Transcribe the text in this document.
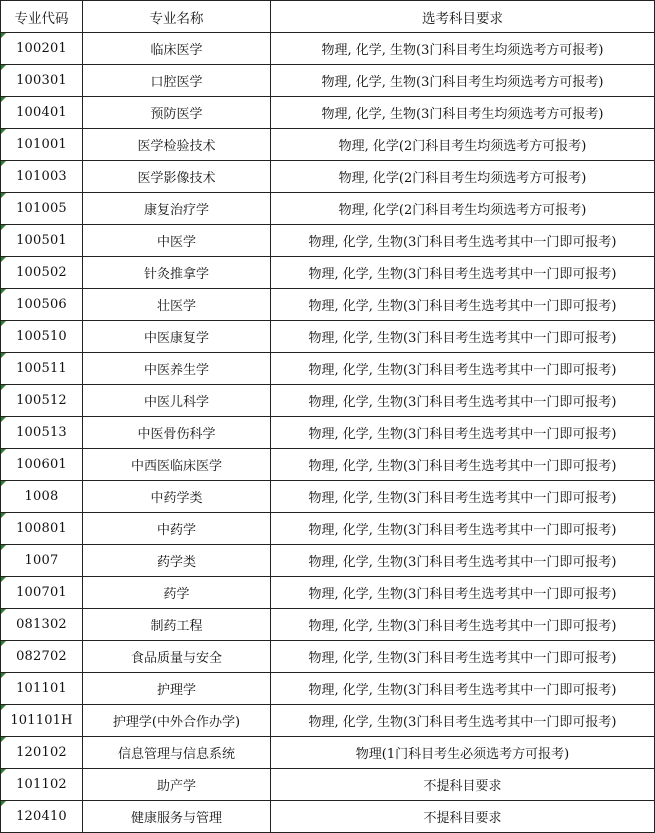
专业代码	专业名称	选考科目要求
100201	临床医学	物理, 化学, 生物(3门科目考生均须选考方可报考)
100301	口腔医学	物理, 化学, 生物(3门科目考生均须选考方可报考)
100401	预防医学	物理, 化学, 生物(3门科目考生均须选考方可报考)
101001	医学检验技术	物理, 化学(2门科目考生均须选考方可报考)
101003	医学影像技术	物理, 化学(2门科目考生均须选考方可报考)
101005	康复治疗学	物理, 化学(2门科目考生均须选考方可报考)
100501	中医学	物理, 化学, 生物(3门科目考生选考其中一门即可报考)
100502	针灸推拿学	物理, 化学, 生物(3门科目考生选考其中一门即可报考)
100506	壮医学	物理, 化学, 生物(3门科目考生选考其中一门即可报考)
100510	中医康复学	物理, 化学, 生物(3门科目考生选考其中一门即可报考)
100511	中医养生学	物理, 化学, 生物(3门科目考生选考其中一门即可报考)
100512	中医儿科学	物理, 化学, 生物(3门科目考生选考其中一门即可报考)
100513	中医骨伤科学	物理, 化学, 生物(3门科目考生选考其中一门即可报考)
100601	中西医临床医学	物理, 化学, 生物(3门科目考生选考其中一门即可报考)
1008	中药学类	物理, 化学, 生物(3门科目考生选考其中一门即可报考)
100801	中药学	物理, 化学, 生物(3门科目考生选考其中一门即可报考)
1007	药学类	物理, 化学, 生物(3门科目考生选考其中一门即可报考)
100701	药学	物理, 化学, 生物(3门科目考生选考其中一门即可报考)
081302	制药工程	物理, 化学, 生物(3门科目考生选考其中一门即可报考)
082702	食品质量与安全	物理, 化学, 生物(3门科目考生选考其中一门即可报考)
101101	护理学	物理, 化学, 生物(3门科目考生选考其中一门即可报考)
101101H	护理学(中外合作办学)	物理, 化学, 生物(3门科目考生选考其中一门即可报考)
120102	信息管理与信息系统	物理(1门科目考生必须选考方可报考)
101102	助产学	不提科目要求
120410	健康服务与管理	不提科目要求
